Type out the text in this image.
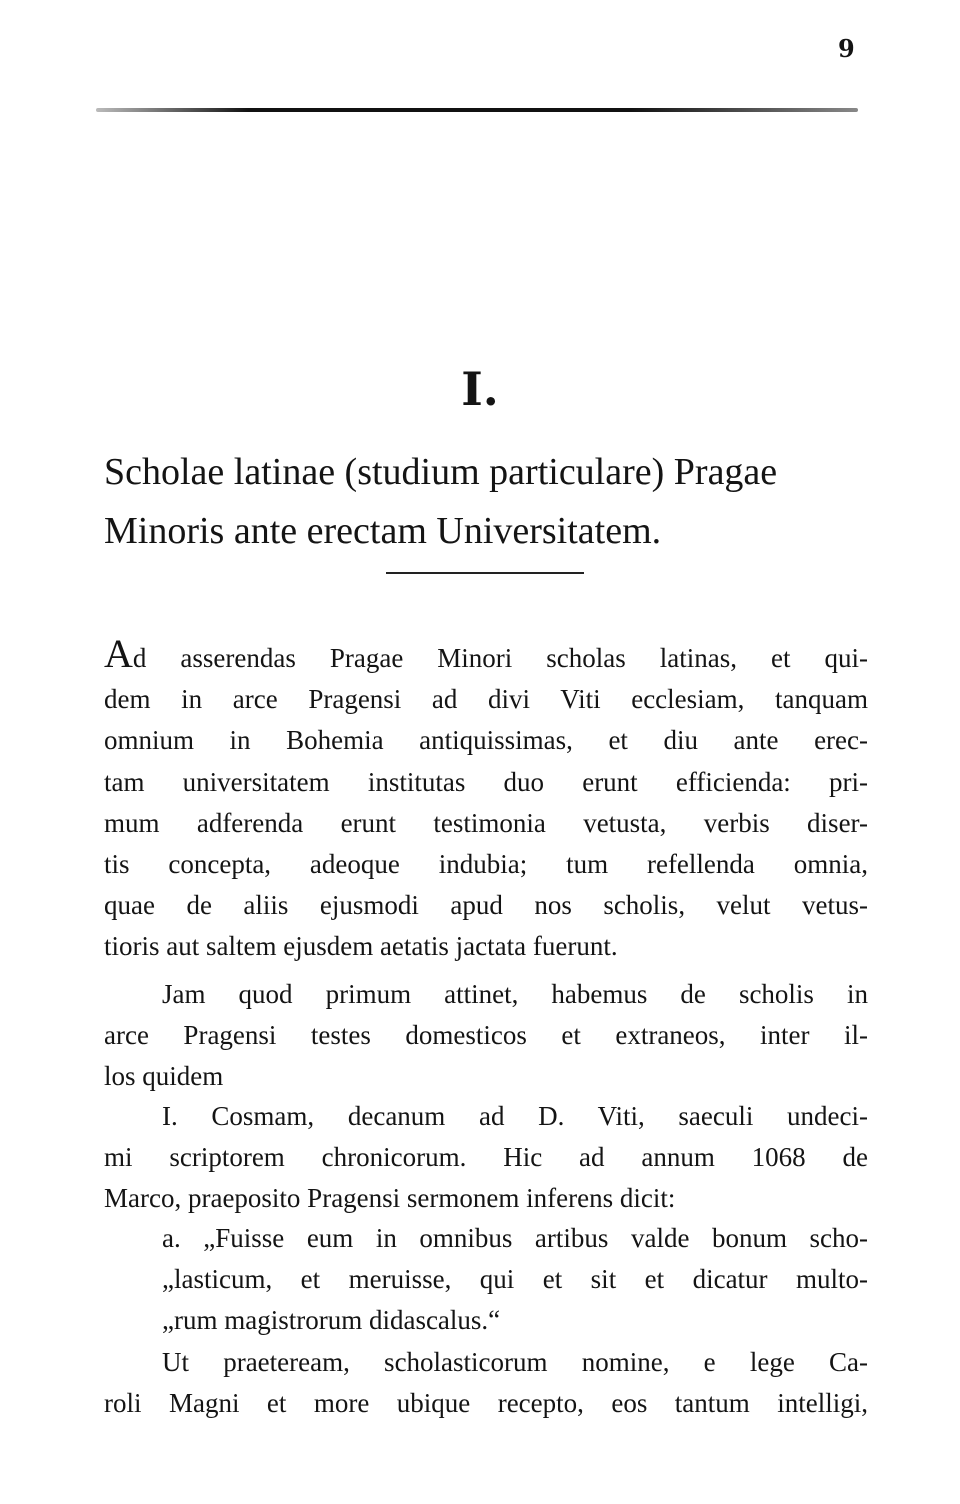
9
I.
Scholae latinae (studium particulare) Pragae
Minoris ante erectam Universitatem.
Ad asserendas Pragae Minori scholas latinas, et qui-
dem in arce Pragensi ad divi Viti ecclesiam, tanquam
omnium in Bohemia antiquissimas, et diu ante erec-
tam universitatem institutas duo erunt efficienda: pri-
mum adferenda erunt testimonia vetusta, verbis diser-
tis concepta, adeoque indubia; tum refellenda omnia,
quae de aliis ejusmodi apud nos scholis, velut vetus-
tioris aut saltem ejusdem aetatis jactata fuerunt.
Jam quod primum attinet, habemus de scholis in
arce Pragensi testes domesticos et extraneos, inter il-
los quidem
I. Cosmam, decanum ad D. Viti, saeculi undeci-
mi scriptorem chronicorum. Hic ad annum 1068 de
Marco, praeposito Pragensi sermonem inferens dicit:
a. „Fuisse eum in omnibus artibus valde bonum scho-
„lasticum, et meruisse, qui et sit et dicatur multo-
„rum magistrorum didascalus.“
Ut praeteream, scholasticorum nomine, e lege Ca-
roli Magni et more ubique recepto, eos tantum intelligi,
